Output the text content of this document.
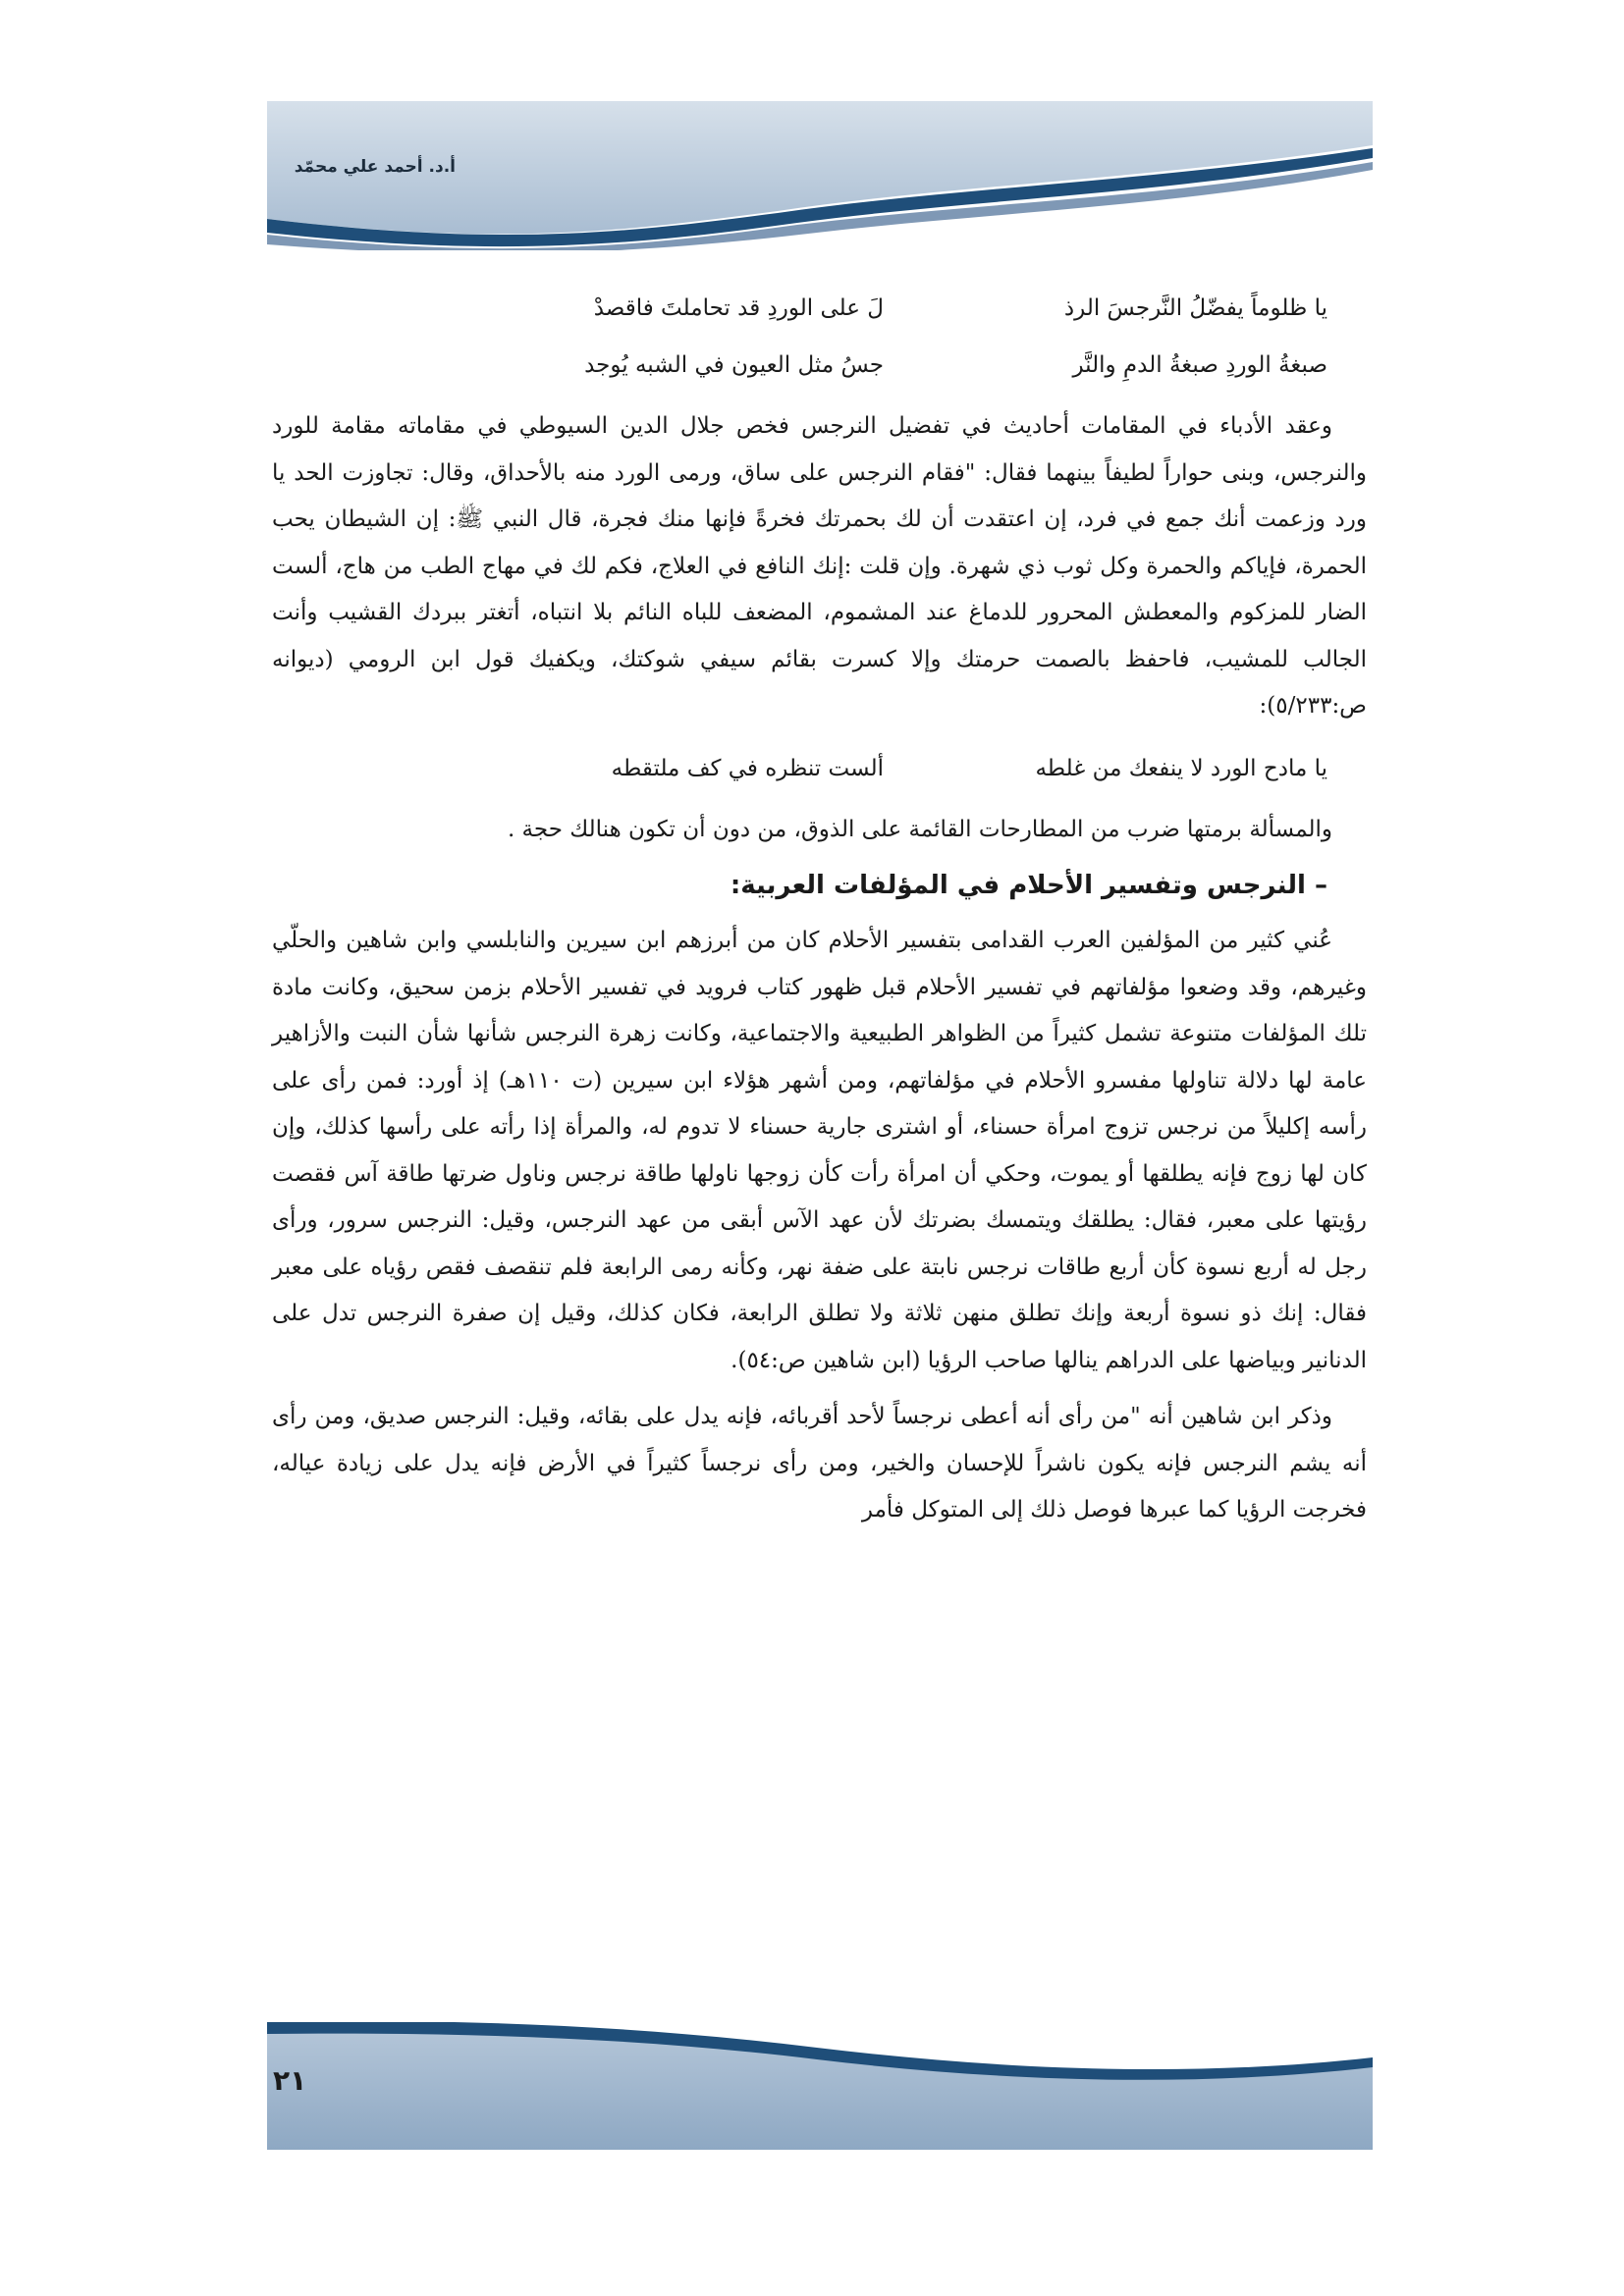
أ.د. أحمد علي محمّد
يا ظلوماً يفضّلُ النَّرجسَ الرذ
لَ على الوردِ قد تحاملتَ فاقصدْ
صبغةُ الوردِ صبغةُ الدمِ والنَّر
جسُ مثل العيون في الشبه يُوجد

وعقد الأدباء في المقامات أحاديث في تفضيل النرجس فخص جلال الدين السيوطي في مقاماته مقامة للورد والنرجس، وبنى حواراً لطيفاً بينهما فقال: "فقام النرجس على ساق، ورمى الورد منه بالأحداق، وقال: تجاوزت الحد يا ورد وزعمت أنك جمع في فرد، إن اعتقدت أن لك بحمرتك فخرةً فإنها منك فجرة، قال النبي ﷺ: إن الشيطان يحب الحمرة، فإياكم والحمرة وكل ثوب ذي شهرة. وإن قلت :إنك النافع في العلاج، فكم لك في مهاج الطب من هاج، ألست الضار للمزكوم والمعطش المحرور للدماغ عند المشموم، المضعف للباه النائم بلا انتباه، أتغتر ببردك القشيب وأنت الجالب للمشيب، فاحفظ بالصمت حرمتك وإلا كسرت بقائم سيفي شوكتك، ويكفيك قول ابن الرومي (ديوانه ص:٥/٢٣٣):

يا مادح الورد لا ينفعك من غلطه
ألست تنظره في كف ملتقطه

والمسألة برمتها ضرب من المطارحات القائمة على الذوق، من دون أن تكون هنالك حجة .

– النرجس وتفسير الأحلام في المؤلفات العربية:

عُني كثير من المؤلفين العرب القدامى بتفسير الأحلام كان من أبرزهم ابن سيرين والنابلسي وابن شاهين والحلّي وغيرهم، وقد وضعوا مؤلفاتهم في تفسير الأحلام قبل ظهور كتاب فرويد في تفسير الأحلام بزمن سحيق، وكانت مادة تلك المؤلفات متنوعة تشمل كثيراً من الظواهر الطبيعية والاجتماعية، وكانت زهرة النرجس شأنها شأن النبت والأزاهير عامة لها دلالة تناولها مفسرو الأحلام في مؤلفاتهم، ومن أشهر هؤلاء ابن سيرين (ت ١١٠هـ) إذ أورد: فمن رأى على رأسه إكليلاً من نرجس تزوج امرأة حسناء، أو اشترى جارية حسناء لا تدوم له، والمرأة إذا رأته على رأسها كذلك، وإن كان لها زوج فإنه يطلقها أو يموت، وحكي أن امرأة رأت كأن زوجها ناولها طاقة نرجس وناول ضرتها طاقة آس فقصت رؤيتها على معبر، فقال: يطلقك ويتمسك بضرتك لأن عهد الآس أبقى من عهد النرجس، وقيل: النرجس سرور، ورأى رجل له أربع نسوة كأن أربع طاقات نرجس نابتة على ضفة نهر، وكأنه رمى الرابعة فلم تنقصف فقص رؤياه على معبر فقال: إنك ذو نسوة أربعة وإنك تطلق منهن ثلاثة ولا تطلق الرابعة، فكان كذلك، وقيل إن صفرة النرجس تدل على الدنانير وبياضها على الدراهم ينالها صاحب الرؤيا (ابن شاهين ص:٥٤).

وذكر ابن شاهين أنه "من رأى أنه أعطى نرجساً لأحد أقربائه، فإنه يدل على بقائه، وقيل: النرجس صديق، ومن رأى أنه يشم النرجس فإنه يكون ناشراً للإحسان والخير، ومن رأى نرجساً كثيراً في الأرض فإنه يدل على زيادة عياله، فخرجت الرؤيا كما عبرها فوصل ذلك إلى المتوكل فأمر

٢١
